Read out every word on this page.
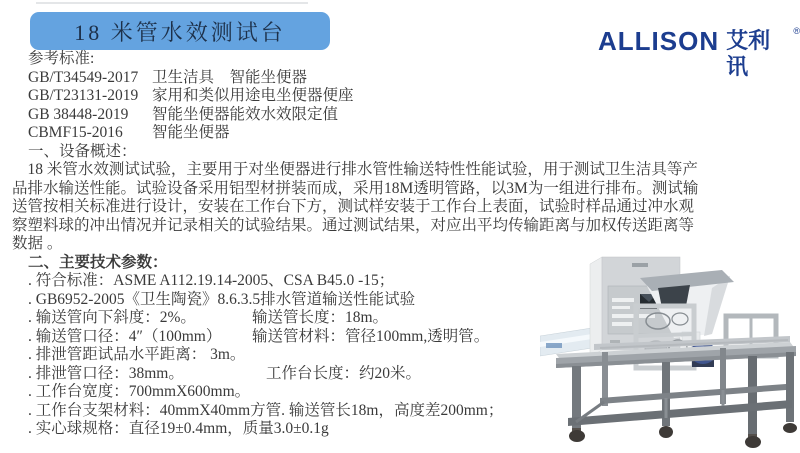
18 米管水效测试台	ALLISON 艾利讯
®
参考标准:
GB/T34549-2017 卫生洁具　智能坐便器
GB/T23131-2019 家用和类似用途电坐便器便座
GB 38448-2019	智能坐便器能效水效限定值
CBMF15-2016	智能坐便器
一、设备概述：
　18 米管水效测试试验，主要用于对坐便器进行排水管性输送特性性能试验，用于测试卫生洁具等产
品排水输送性能。试验设备采用铝型材拼装而成，采用18M透明管路，以3M为一组进行排布。测试输
送管按相关标准进行设计，安装在工作台下方，测试样安装于工作台上表面，试验时样品通过冲水观
察塑料球的冲出情况并记录相关的试验结果。通过测试结果，对应出平均传输距离与加权传送距离等
数据 。
二、主要技术参数：
. 符合标准：ASME A112.19.14-2005、CSA B45.0 -15；
. GB6952-2005《卫生陶瓷》8.6.3.5排水管道输送性能试验
. 输送管向下斜度：2%。	输送管长度：18m。
. 输送管口径：4″（100mm）	输送管材料：管径100mm,透明管。
. 排泄管距试品水平距离： 3m。
. 排泄管口径：38mm。	工作台长度：约20米。
. 工作台宽度：700mmX600mm。
. 工作台支架材料：40mmX40mm方管. 输送管长18m，高度差200mm；
. 实心球规格：直径19±0.4mm，质量3.0±0.1g
